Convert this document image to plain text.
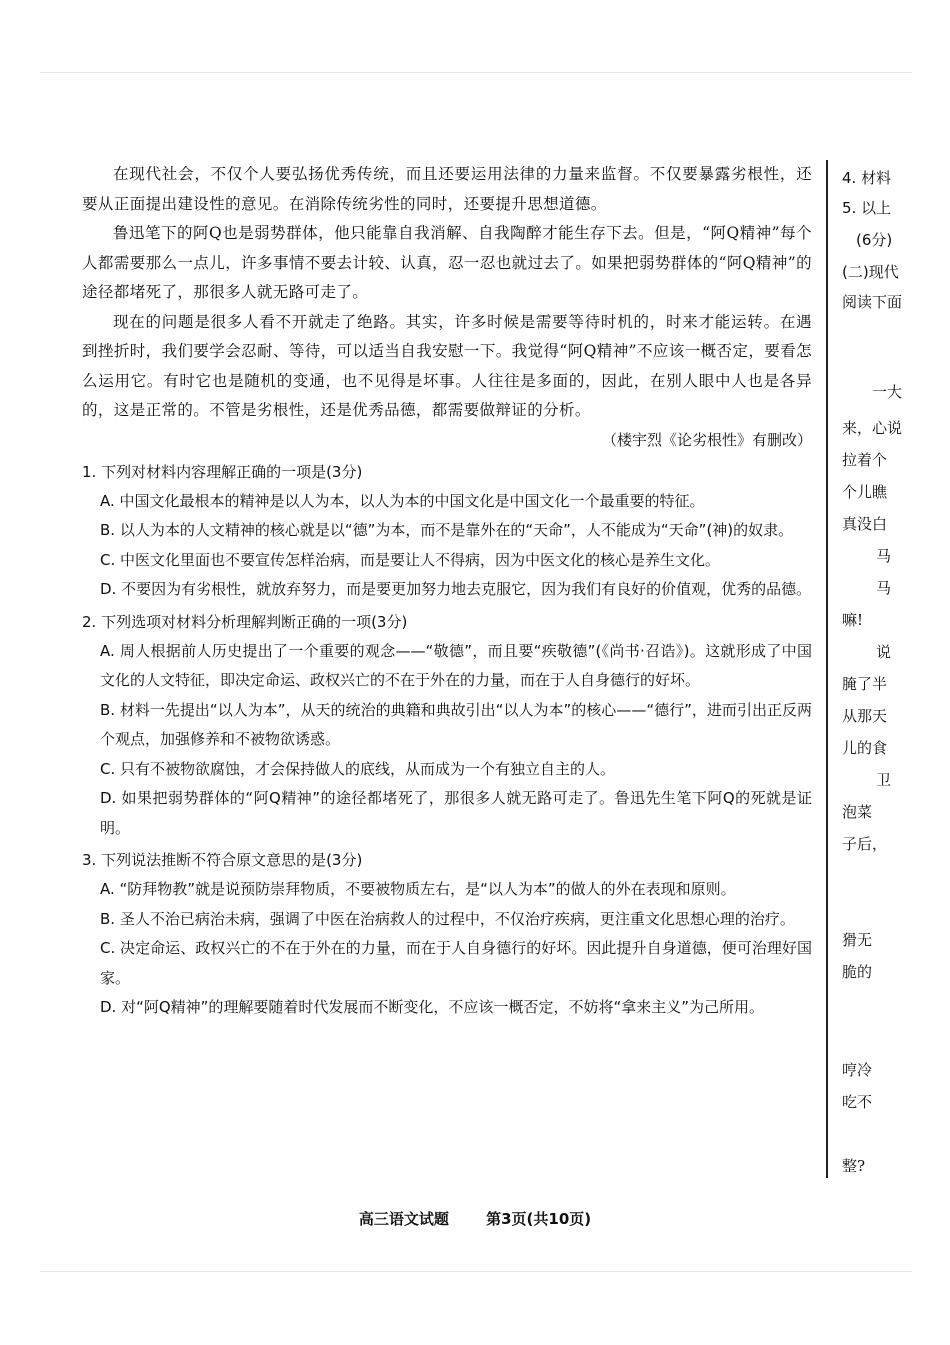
在现代社会，不仅个人要弘扬优秀传统，而且还要运用法律的力量来监督。不仅要暴露劣根性，还要从正面提出建设性的意见。在消除传统劣性的同时，还要提升思想道德。

鲁迅笔下的阿Q也是弱势群体，他只能靠自我消解、自我陶醉才能生存下去。但是，“阿Q精神”每个人都需要那么一点儿，许多事情不要去计较、认真，忍一忍也就过去了。如果把弱势群体的“阿Q精神”的途径都堵死了，那很多人就无路可走了。

现在的问题是很多人看不开就走了绝路。其实，许多时候是需要等待时机的，时来才能运转。在遇到挫折时，我们要学会忍耐、等待，可以适当自我安慰一下。我觉得“阿Q精神”不应该一概否定，要看怎么运用它。有时它也是随机的变通，也不见得是坏事。人往往是多面的，因此，在别人眼中人也是各异的，这是正常的。不管是劣根性，还是优秀品德，都需要做辩证的分析。

（楼宇烈《论劣根性》有删改）

1. 下列对材料内容理解正确的一项是(3分)

A. 中国文化最根本的精神是以人为本，以人为本的中国文化是中国文化一个最重要的特征。

B. 以人为本的人文精神的核心就是以“德”为本，而不是靠外在的“天命”，人不能成为“天命”(神)的奴隶。

C. 中医文化里面也不要宣传怎样治病，而是要让人不得病，因为中医文化的核心是养生文化。

D. 不要因为有劣根性，就放弃努力，而是要更加努力地去克服它，因为我们有良好的价值观，优秀的品德。

2. 下列选项对材料分析理解判断正确的一项(3分)

A. 周人根据前人历史提出了一个重要的观念——“敬德”，而且要“疾敬德”(《尚书·召诰》)。这就形成了中国文化的人文特征，即决定命运、政权兴亡的不在于外在的力量，而在于人自身德行的好坏。

B. 材料一先提出“以人为本”，从天的统治的典籍和典故引出“以人为本”的核心——“德行”，进而引出正反两个观点，加强修养和不被物欲诱惑。

C. 只有不被物欲腐蚀，才会保持做人的底线，从而成为一个有独立自主的人。

D. 如果把弱势群体的“阿Q精神”的途径都堵死了，那很多人就无路可走了。鲁迅先生笔下阿Q的死就是证明。

3. 下列说法推断不符合原文意思的是(3分)

A. “防拜物教”就是说预防崇拜物质，不要被物质左右，是“以人为本”的做人的外在表现和原则。

B. 圣人不治已病治未病，强调了中医在治病救人的过程中，不仅治疗疾病，更注重文化思想心理的治疗。

C. 决定命运、政权兴亡的不在于外在的力量，而在于人自身德行的好坏。因此提升自身道德，便可治理好国家。

D. 对“阿Q精神”的理解要随着时代发展而不断变化，不应该一概否定，不妨将“拿来主义”为己所用。

高三语文试题 第3页(共10页)
4. 材料
5. 以上
(6分)
(二)现代
阅读下面
一大
来，心说
拉着个
个儿瞧
真没白
马
马
嘛!
说
腌了半
从那天
儿的食
卫
泡菜
子后，
猾无
脆的
哼冷
吃不
整?
